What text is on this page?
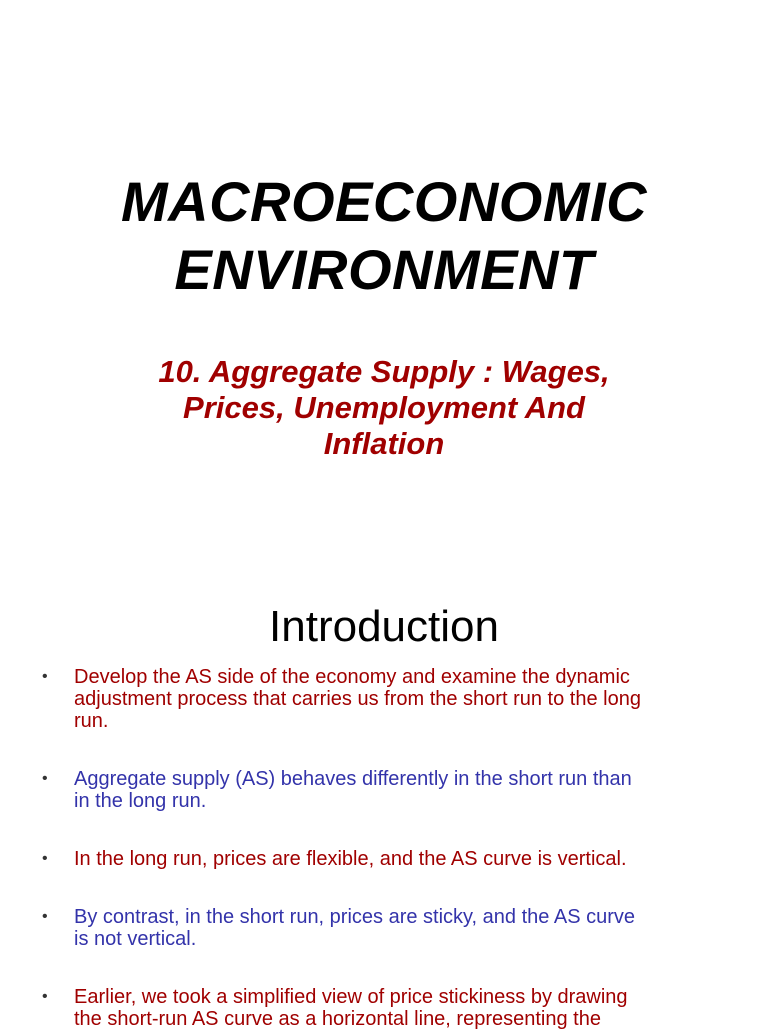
MACROECONOMIC
ENVIRONMENT
10. Aggregate Supply : Wages,
Prices, Unemployment And
Inflation
Introduction
• Develop the AS side of the economy and examine the dynamic
adjustment process that carries us from the short run to the long
run.
• Aggregate supply (AS) behaves differently in the short run than
in the long run.
• In the long run, prices are flexible, and the AS curve is vertical.
• By contrast, in the short run, prices are sticky, and the AS curve
is not vertical.
• Earlier, we took a simplified view of price stickiness by drawing
the short-run AS curve as a horizontal line, representing the
